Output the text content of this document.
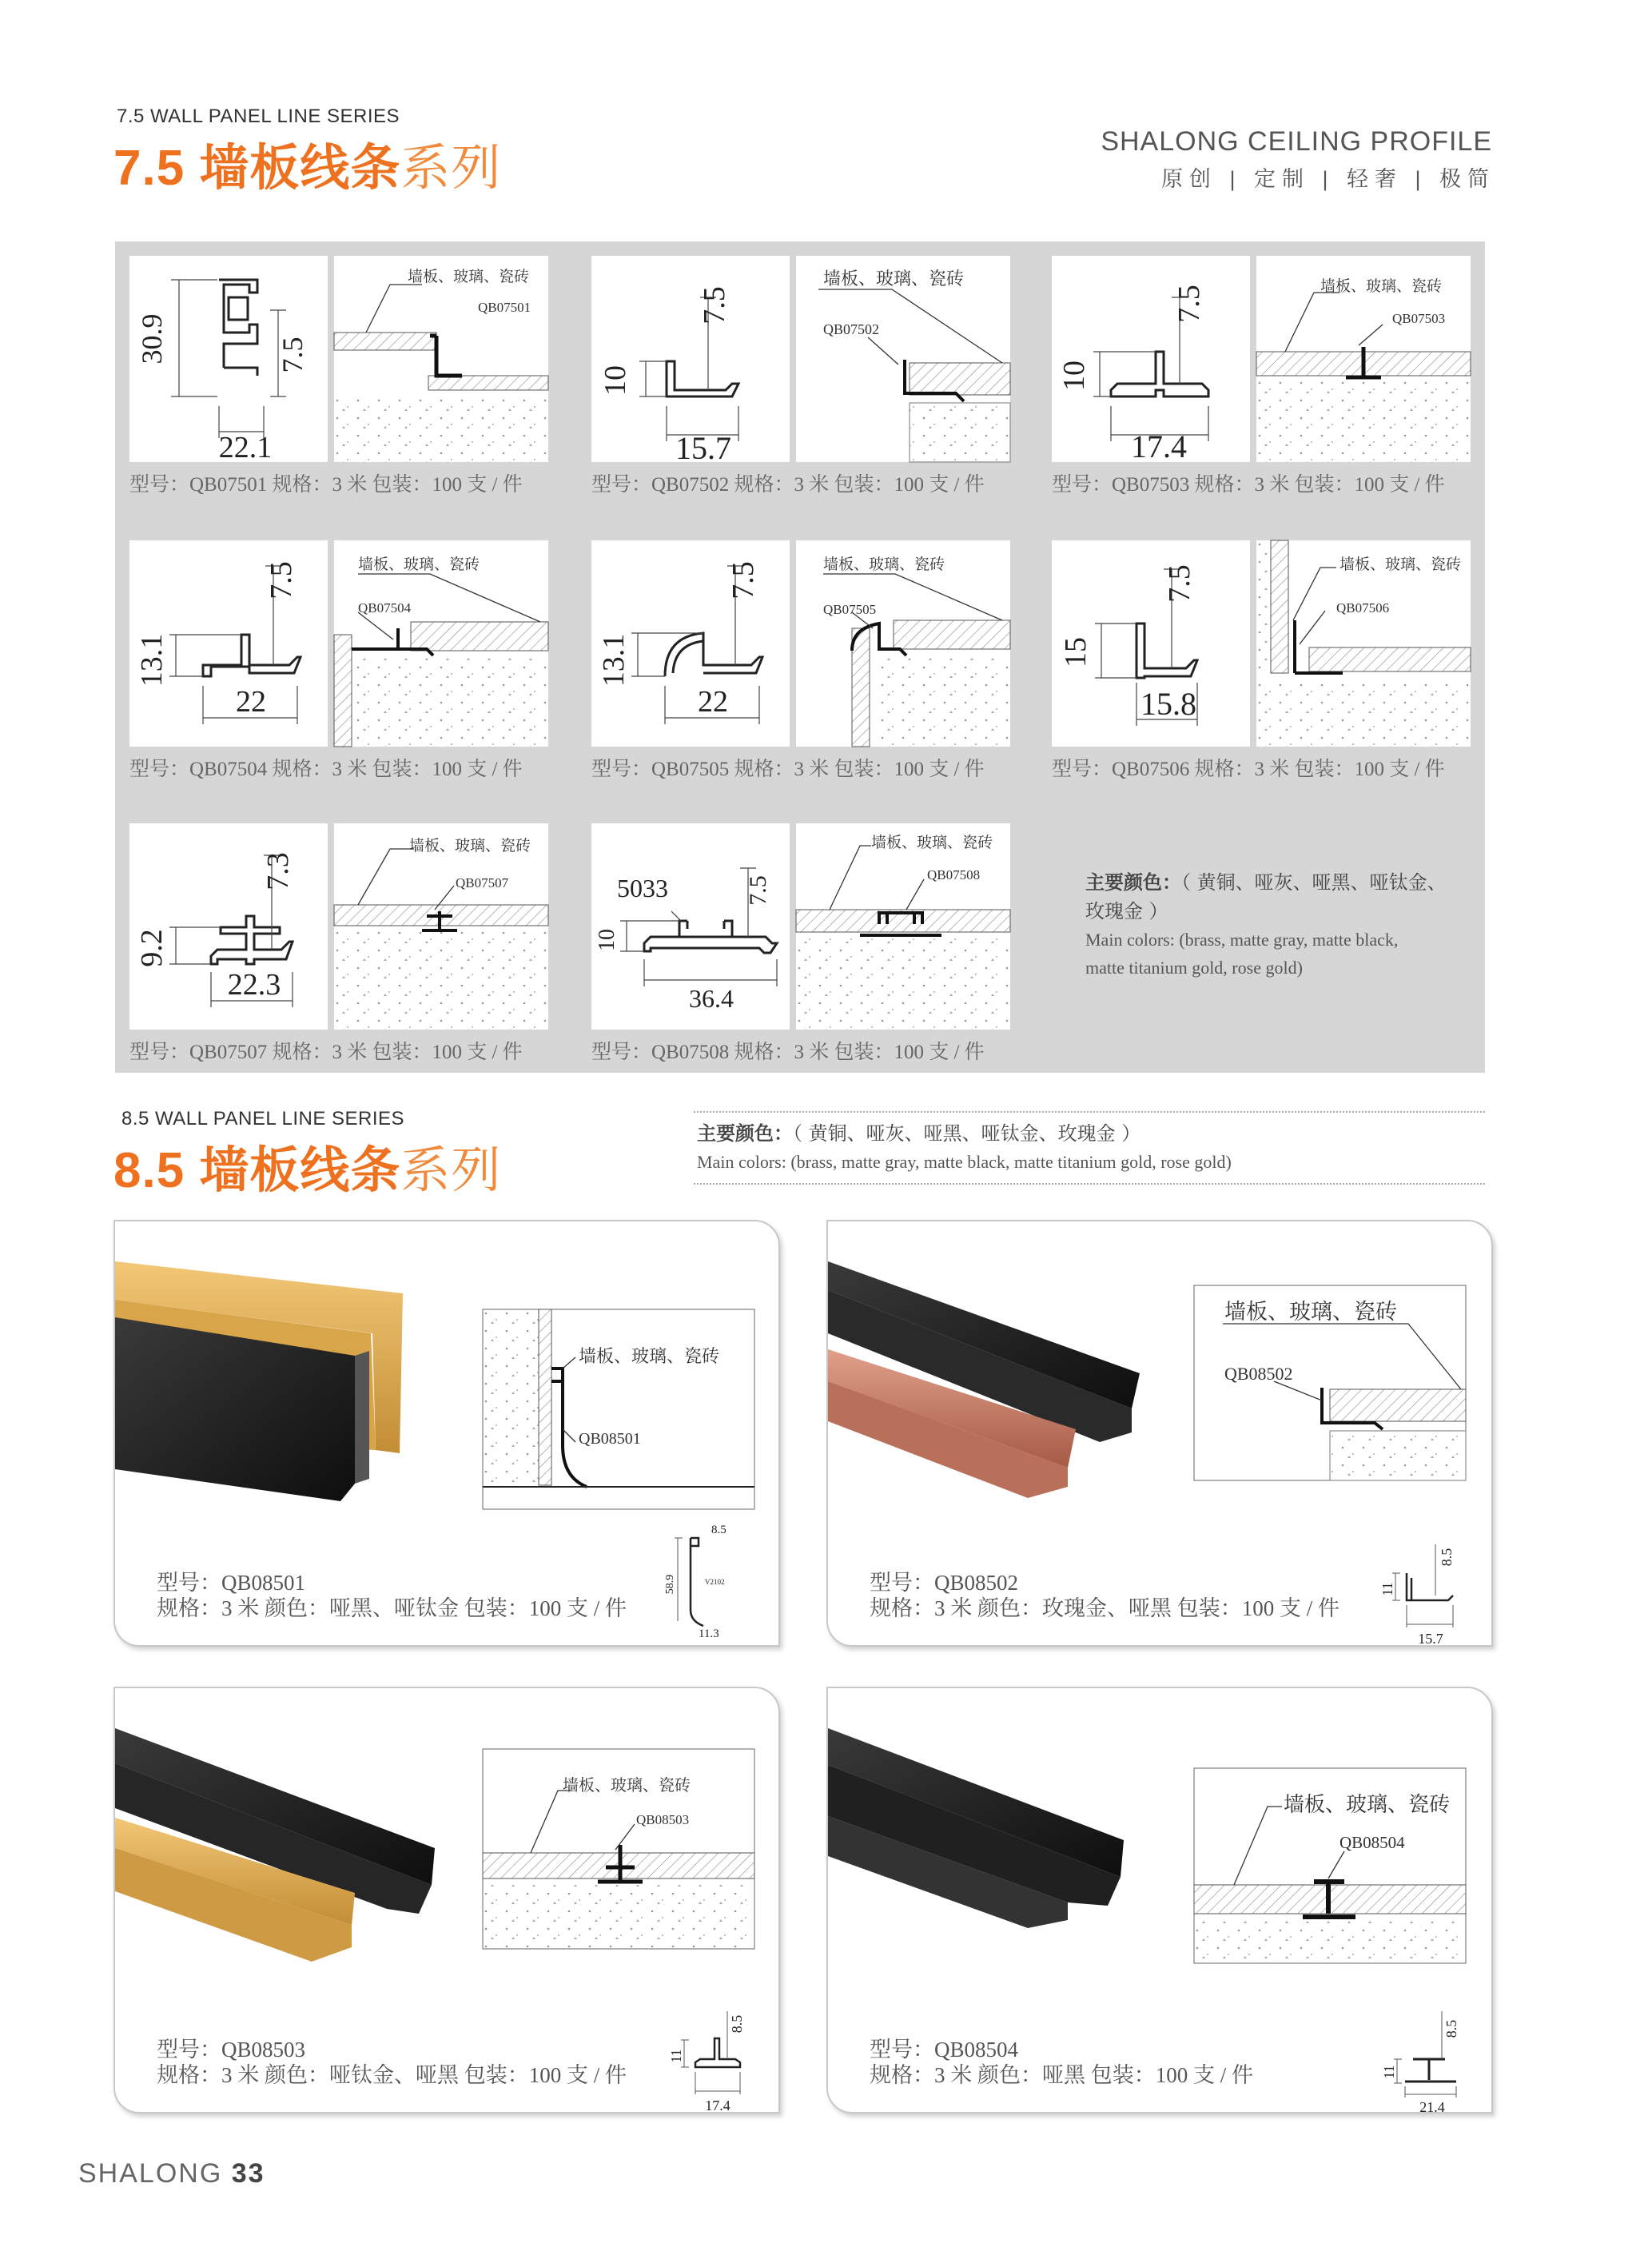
7.5 WALL PANEL LINE SERIES
7.5 墙板线条系列	SHALONG CEILING PROFILE
原创 | 定制 | 轻奢 | 极简
30.9	7.5
22.1
墙板、玻璃、瓷砖
QB07501
型号：QB07501 规格：3 米 包装：100 支 / 件
10
7.5
15.7
墙板、玻璃、瓷砖
QB07502
型号：QB07502 规格：3 米 包装：100 支 / 件
10
7.5
17.4
墙板、玻璃、瓷砖
QB07503
型号：QB07503 规格：3 米 包装：100 支 / 件
13.1
7.5
22
墙板、玻璃、瓷砖
QB07504
型号：QB07504 规格：3 米 包装：100 支 / 件
13.1
7.5
22
墙板、玻璃、瓷砖
QB07505
型号：QB07505 规格：3 米 包装：100 支 / 件
15
7.5
15.8
墙板、玻璃、瓷砖
QB07506
型号：QB07506 规格：3 米 包装：100 支 / 件
9.2
7.3
22.3
墙板、玻璃、瓷砖
QB07507
型号：QB07507 规格：3 米 包装：100 支 / 件
10
7.5
36.4
5033
墙板、玻璃、瓷砖
QB07508
型号：QB07508 规格：3 米 包装：100 支 / 件
主要颜色：（ 黄铜、哑灰、哑黑、哑钛金、
玫瑰金 ）
Main colors: (brass, matte gray, matte black,
matte titanium gold, rose gold)
8.5 WALL PANEL LINE SERIES
8.5 墙板线条系列
主要颜色：（ 黄铜、哑灰、哑黑、哑钛金、玫瑰金 ）
Main colors: (brass, matte gray, matte black, matte titanium gold, rose gold)
墙板、玻璃、瓷砖
QB08501
型号：QB08501
规格：3 米 颜色：哑黑、哑钛金 包装：100 支 / 件
58.9
8.5
11.3
V2102
墙板、玻璃、瓷砖
QB08502
型号：QB08502
规格：3 米 颜色：玫瑰金、哑黑 包装：100 支 / 件
11
8.5
15.7
墙板、玻璃、瓷砖
QB08503
型号：QB08503
规格：3 米 颜色：哑钛金、哑黑 包装：100 支 / 件
11
8.5
17.4
墙板、玻璃、瓷砖
QB08504
型号：QB08504
规格：3 米 颜色：哑黑 包装：100 支 / 件	11
8.5
21.4
SHALONG 33
